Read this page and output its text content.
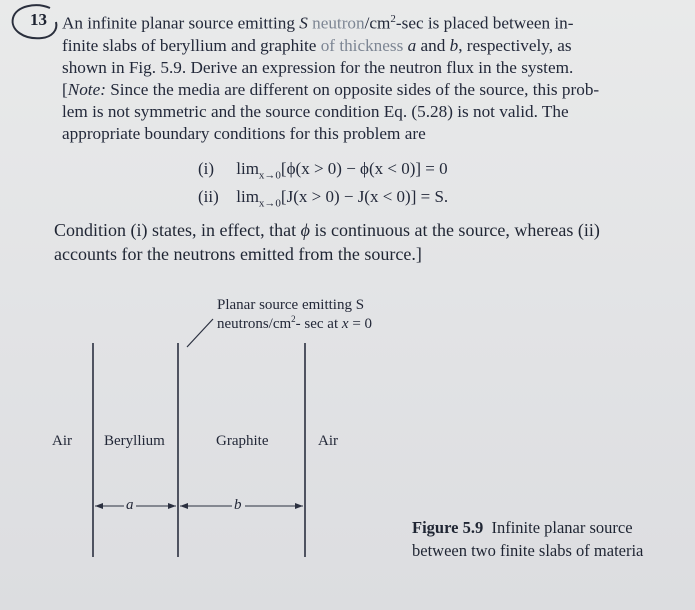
13 An infinite planar source emitting S neutron/$cm^2-\sec$ is placed between in-
finite slabs of beryllium and graphite of thickness a and b, respectively, as
shown in Fig. 5.9. Derive an expression for the neutron flux in the system.
[Note: Since the media are different on opposite sides of the source, this prob-
lem is not symmetric and the source condition Eq. (5.28) is not valid. The
appropriate boundary conditions for this problem are
(i) $\lim_{x\to 0}[\phi(x > 0) - \phi(x < 0)] = 0$
(ii) $\lim_{x\to 0}[J(x > 0) - J(x < 0)] = S$.
Condition (i) states, in effect, that ϕ is continuous at the source, whereas (ii)
accounts for the neutrons emitted from the source.]
Planar source emitting S
neutrons/$cm^2-$ sec at x = 0
Air Beryllium	Graphite	Air
a	b
Figure 5.9 Infinite planar source
between two finite slabs of materia
